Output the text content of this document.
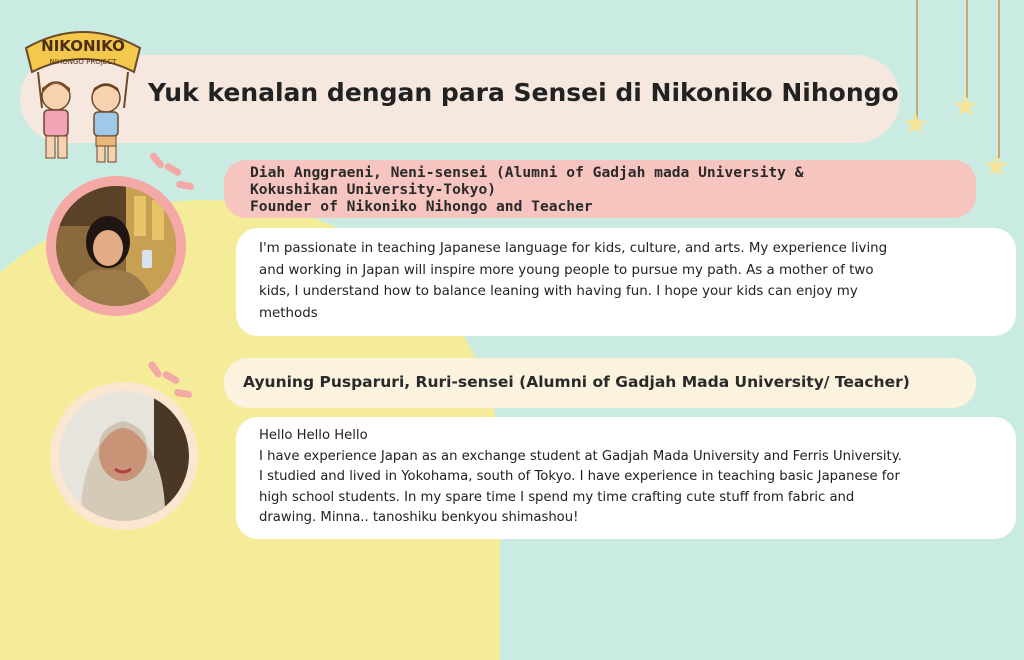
★
★
★
Yuk kenalan dengan para Sensei di Nikoniko Nihongo
NIKONIKO
NIHONGO PROJECT
Diah Anggraeni, Neni-sensei (Alumni of Gadjah mada University &
Kokushikan University-Tokyo)
Founder of Nikoniko Nihongo and Teacher
I'm passionate in teaching Japanese language for kids, culture, and arts. My experience living
and working in Japan will inspire more young people to pursue my path. As a mother of two
kids, I understand how to balance leaning with having fun. I hope your kids can enjoy my
methods
Ayuning Pusparuri, Ruri-sensei (Alumni of Gadjah Mada University/ Teacher)
Hello Hello Hello
I have experience Japan as an exchange student at Gadjah Mada University and Ferris University.
I studied and lived in Yokohama, south of Tokyo. I have experience in teaching basic Japanese for
high school students. In my spare time I spend my time crafting cute stuff from fabric and
drawing. Minna.. tanoshiku benkyou shimashou!
